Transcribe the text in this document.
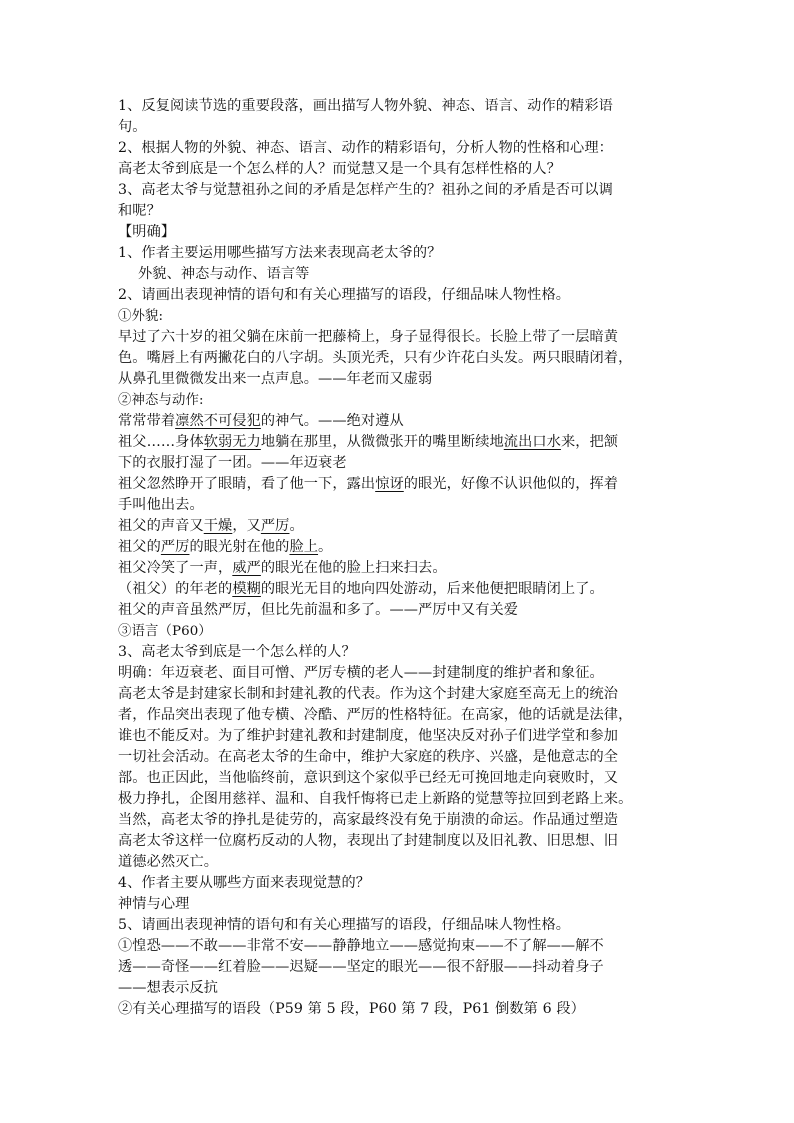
1、反复阅读节选的重要段落，画出描写人物外貌、神态、语言、动作的精彩语
句。
2、根据人物的外貌、神态、语言、动作的精彩语句，分析人物的性格和心理：
高老太爷到底是一个怎么样的人？而觉慧又是一个具有怎样性格的人？
3、高老太爷与觉慧祖孙之间的矛盾是怎样产生的？祖孙之间的矛盾是否可以调
和呢？
【明确】
1、作者主要运用哪些描写方法来表现高老太爷的？
外貌、神态与动作、语言等
2、请画出表现神情的语句和有关心理描写的语段，仔细品味人物性格。
①外貌:
早过了六十岁的祖父躺在床前一把藤椅上，身子显得很长。长脸上带了一层暗黄
色。嘴唇上有两撇花白的八字胡。头顶光秃，只有少许花白头发。两只眼睛闭着，
从鼻孔里微微发出来一点声息。——年老而又虚弱
②神态与动作:
常常带着凛然不可侵犯的神气。——绝对遵从
祖父……身体软弱无力地躺在那里，从微微张开的嘴里断续地流出口水来，把颔
下的衣服打湿了一团。——年迈衰老
祖父忽然睁开了眼睛，看了他一下，露出惊讶的眼光，好像不认识他似的，挥着
手叫他出去。
祖父的声音又干燥，又严厉。
祖父的严厉的眼光射在他的脸上。
祖父冷笑了一声，威严的眼光在他的脸上扫来扫去。
（祖父）的年老的模糊的眼光无目的地向四处游动，后来他便把眼睛闭上了。
祖父的声音虽然严厉，但比先前温和多了。——严厉中又有关爱
③语言（P60）
3、高老太爷到底是一个怎么样的人？
明确：年迈衰老、面目可憎、严厉专横的老人——封建制度的维护者和象征。
高老太爷是封建家长制和封建礼教的代表。作为这个封建大家庭至高无上的统治
者，作品突出表现了他专横、冷酷、严厉的性格特征。在高家，他的话就是法律，
谁也不能反对。为了维护封建礼教和封建制度，他坚决反对孙子们进学堂和参加
一切社会活动。在高老太爷的生命中，维护大家庭的秩序、兴盛，是他意志的全
部。也正因此，当他临终前，意识到这个家似乎已经无可挽回地走向衰败时，又
极力挣扎，企图用慈祥、温和、自我忏悔将已走上新路的觉慧等拉回到老路上来。
当然，高老太爷的挣扎是徒劳的，高家最终没有免于崩溃的命运。作品通过塑造
高老太爷这样一位腐朽反动的人物，表现出了封建制度以及旧礼教、旧思想、旧
道德必然灭亡。
4、作者主要从哪些方面来表现觉慧的？
神情与心理
5、请画出表现神情的语句和有关心理描写的语段，仔细品味人物性格。
①惶恐——不敢——非常不安——静静地立——感觉拘束——不了解——解不
透——奇怪——红着脸——迟疑——坚定的眼光——很不舒服——抖动着身子
——想表示反抗
②有关心理描写的语段（P59 第 5 段，P60 第 7 段，P61 倒数第 6 段）
